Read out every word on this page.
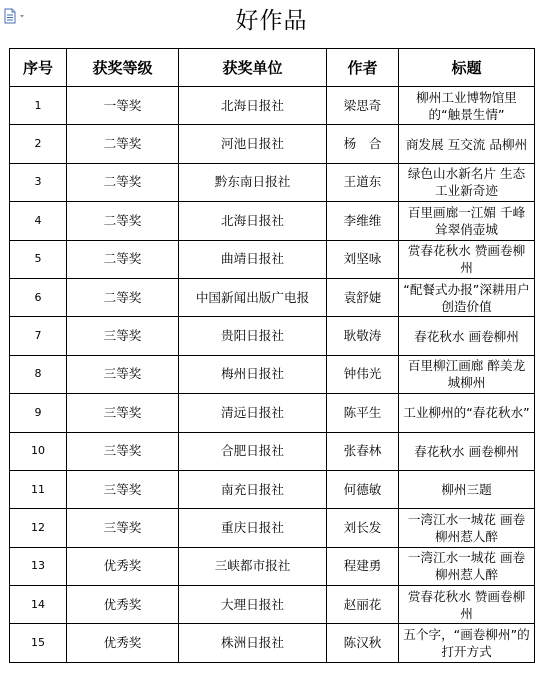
好作品
序号	获奖等级	获奖单位	作者	标题
1	一等奖	北海日报社	梁思奇	柳州工业博物馆里的“触景生情”
2	二等奖	河池日报社	杨　合	商发展 互交流 品柳州
3	二等奖	黔东南日报社	王道东	绿色山水新名片 生态工业新奇迹
4	二等奖	北海日报社	李维维	百里画廊一江媚 千峰耸翠俏壶城
5	二等奖	曲靖日报社	刘坚咏	赏春花秋水 赞画卷柳州
6	二等奖	中国新闻出版广电报	袁舒婕	“配餐式办报”深耕用户创造价值
7	三等奖	贵阳日报社	耿敬涛	春花秋水 画卷柳州
8	三等奖	梅州日报社	钟伟光	百里柳江画廊 醉美龙城柳州
9	三等奖	清远日报社	陈平生	工业柳州的“春花秋水”
10	三等奖	合肥日报社	张春林	春花秋水 画卷柳州
11	三等奖	南充日报社	何德敏	柳州三题
12	三等奖	重庆日报社	刘长发	一湾江水一城花 画卷柳州惹人醉
13	优秀奖	三峡都市报社	程建勇	一湾江水一城花 画卷柳州惹人醉
14	优秀奖	大理日报社	赵丽花	赏春花秋水 赞画卷柳州
15	优秀奖	株洲日报社	陈汉秋	五个字，“画卷柳州”的打开方式
